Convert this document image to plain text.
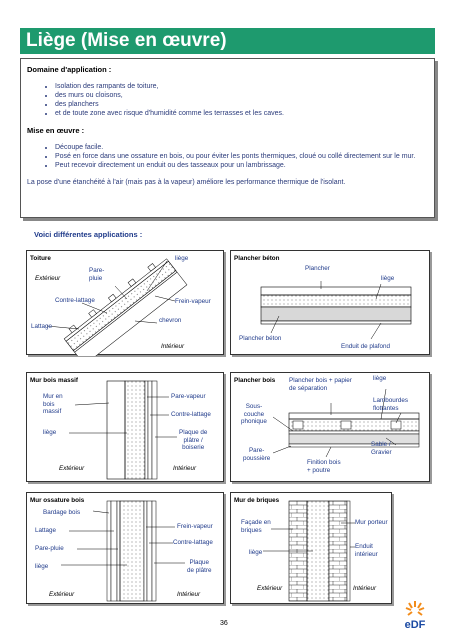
Liège (Mise en œuvre)
Domaine d'application :
• Isolation des rampants de toiture,
• des murs ou cloisons,
• des planchers
• et de toute zone avec risque d'humidité comme les terrasses et les caves.
Mise en œuvre :
• Découpe facile.
• Posé en force dans une ossature en bois, ou pour éviter les ponts thermiques, cloué ou collé directement sur le mur.
• Peut recevoir directement un enduit ou des tasseaux pour un lambrissage.
La pose d'une étanchéité à l'air (mais pas à la vapeur) améliore les performance thermique de l'isolant.
Voici différentes applications :
Toiture
Extérieur
Pare-
pluie
liège
Contre-lattage	Frein-vapeur
Lattage
chevron
Intérieur
Plancher béton
Plancher
liège
Plancher béton
Enduit de plafond
Mur bois massif
Mur en
bois
massif
liège
Pare-vapeur
Contre-lattage
Plaque de
plâtre /
boiserie
Extérieur	Intérieur
Plancher bois Plancher bois + papier
de séparation
liège
Sous-
couche
phonique
Lambourdes
flottantes
Pare-
poussière
Sable /
Gravier
Finition bois
+ poutre
Mur ossature bois
Bardage bois
Lattage
Pare-pluie
liège
Frein-vapeur
Contre-lattage
Plaque
de plâtre
Extérieur	Intérieur
Mur de briques
Façade en
briques
liège
Mur porteur
Enduit
intérieur
Extérieur	Intérieur
eDF
36
